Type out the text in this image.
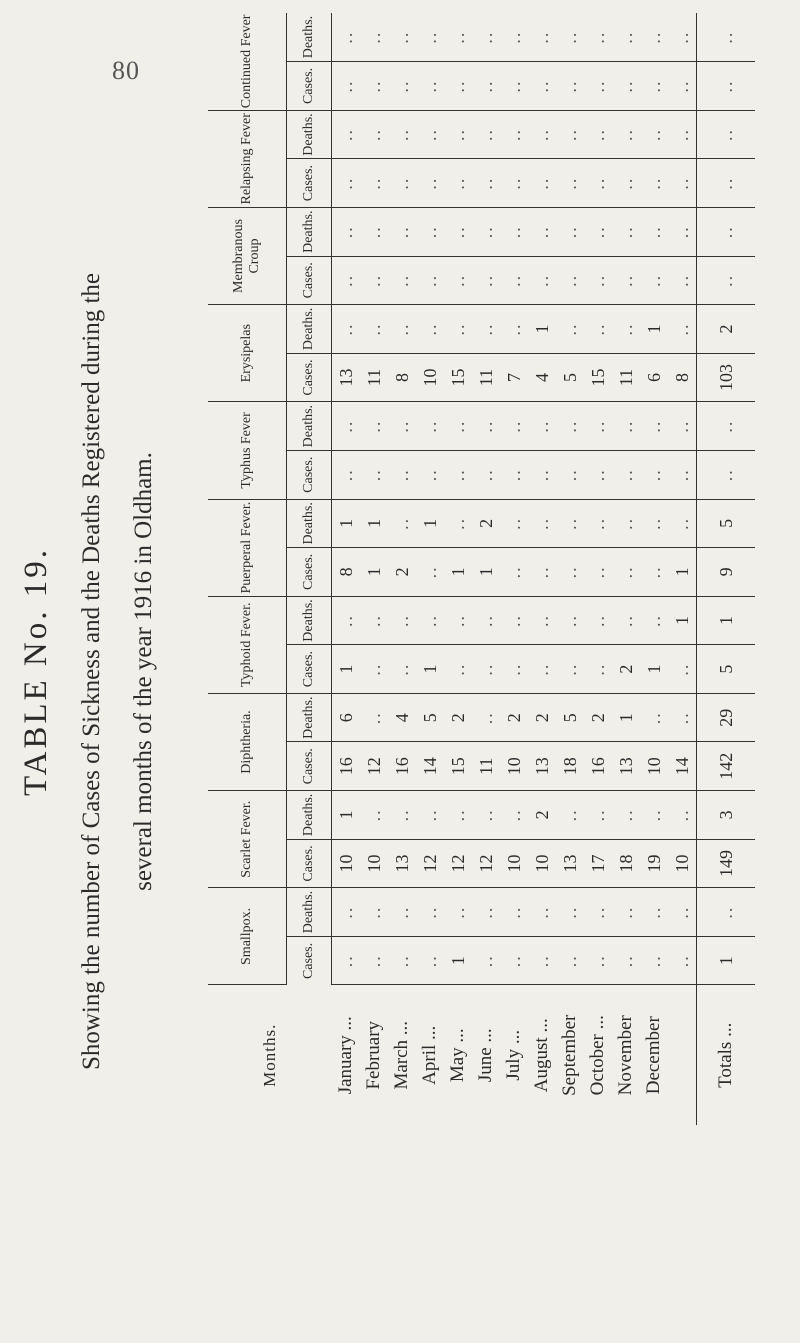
80
TABLE No. 19. Showing the number of Cases of Sickness and the Deaths Registered during the several months of the year 1916 in Oldham.
Months.	Smallpox.		Scarlet Fever.		Diphtheria.		Typhoid Fever.		Puerperal Fever.		Typhus Fever		Erysipelas		Membranous Croup		Relapsing Fever		Continued Fever	
	Cases.	Deaths.	Cases.	Deaths.	Cases.	Deaths.	Cases.	Deaths.	Cases.	Deaths.	Cases.	Deaths.	Cases.	Deaths.	Cases.	Deaths.	Cases.	Deaths.	Cases.	Deaths.
January ...	..	..	10	1	16	6	1	..	8	1	..	..	13	..	..	..	..	..	..	..
February	..	..	10	..	12	..	..	..	1	1	..	..	11	..	..	..	..	..	..	..
March ...	..	..	13	..	16	4	..	..	2	..	..	..	8	..	..	..	..	..	..	..
April ...	..	..	12	..	14	5	1	..	..	1	..	..	10	..	..	..	..	..	..	..
May ...	1	..	12	..	15	2	..	..	1	..	..	..	15	..	..	..	..	..	..	..
June ...	..	..	12	..	11	..	..	..	1	2	..	..	11	..	..	..	..	..	..	..
July ...	..	..	10	..	10	2	..	..	..	..	..	..	7	..	..	..	..	..	..	..
August ...	..	..	10	2	13	2	..	..	..	..	..	..	4	1	..	..	..	..	..	..
September	..	..	13	..	18	5	..	..	..	..	..	..	5	..	..	..	..	..	..	..
October ...	..	..	17	..	16	2	..	..	..	..	..	..	15	..	..	..	..	..	..	..
November	..	..	18	..	13	1	2	..	..	..	..	..	11	..	..	..	..	..	..	..
December	..	..	19	..	10	..	1	..	..	..	..	..	6	1	..	..	..	..	..	..
	..	..	10	..	14	..	..	1	1	..	..	..	8	..	..	..	..	..	..	..
Totals ...	1	..	149	3	142	29	5	1	9	5	..	..	103	2	..	..	..	..	..	..
